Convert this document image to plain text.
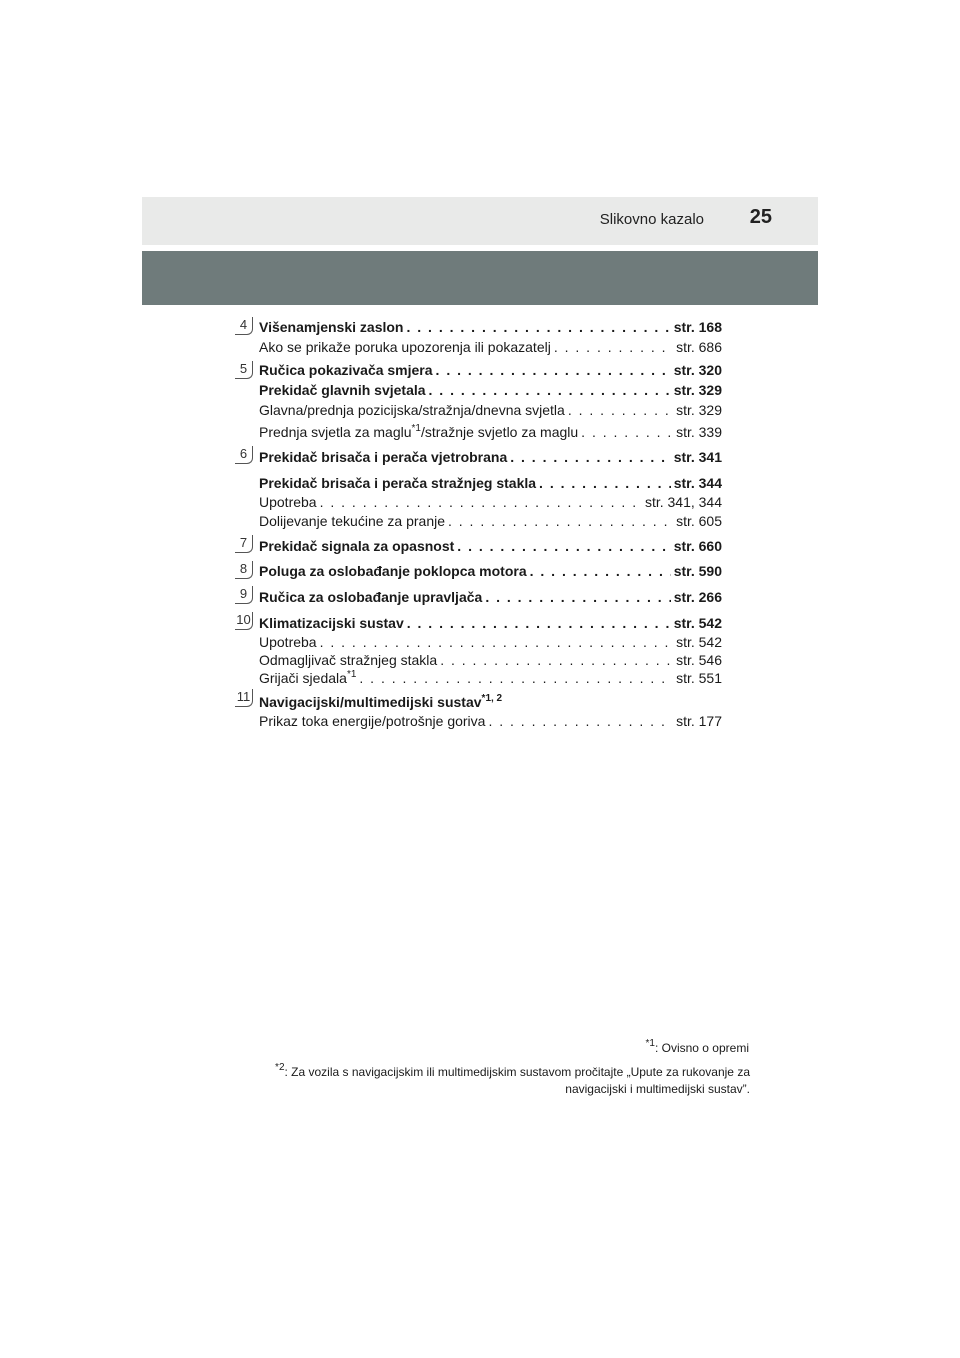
Slikovno kazalo 25
4
5
6
7
8
9
10
11
Višenamjenski zaslon . . .	str. 168
Ako se prikaže poruka upozorenja ili pokazatelj . . .	str. 686
Ručica pokazivača smjera . . .	str. 320
Prekidač glavnih svjetala . . .	str. 329
Glavna/prednja pozicijska/stražnja/dnevna svjetla . . .	str. 329
Prednja svjetla za maglu$^{*1}$/stražnje svjetlo za maglu . . .	str. 339
Prekidač brisača i perača vjetrobrana . . .	str. 341
Prekidač brisača i perača stražnjeg stakla . . .	str. 344
Upotreba . . .	str. 341, 344
Dolijevanje tekućine za pranje . . .	str. 605
Prekidač signala za opasnost . . .	str. 660
Poluga za oslobađanje poklopca motora . . .	str. 590
Ručica za oslobađanje upravljača . . .	str. 266
Klimatizacijski sustav . . .	str. 542
Upotreba . . .	str. 542
Odmagljivač stražnjeg stakla . . .	str. 546
Grijači sjedala$^{*1}$ . . .	str. 551
Navigacijski/multimedijski sustav$^{*1, 2}$
Prikaz toka energije/potrošnje goriva . . .	str. 177
$^{*1}$: Ovisno o opremi
$^{*2}$: Za vozila s navigacijskim ili multimedijskim sustavom pročitajte „Upute za rukovanje za
navigacijski i multimedijski sustav”.
